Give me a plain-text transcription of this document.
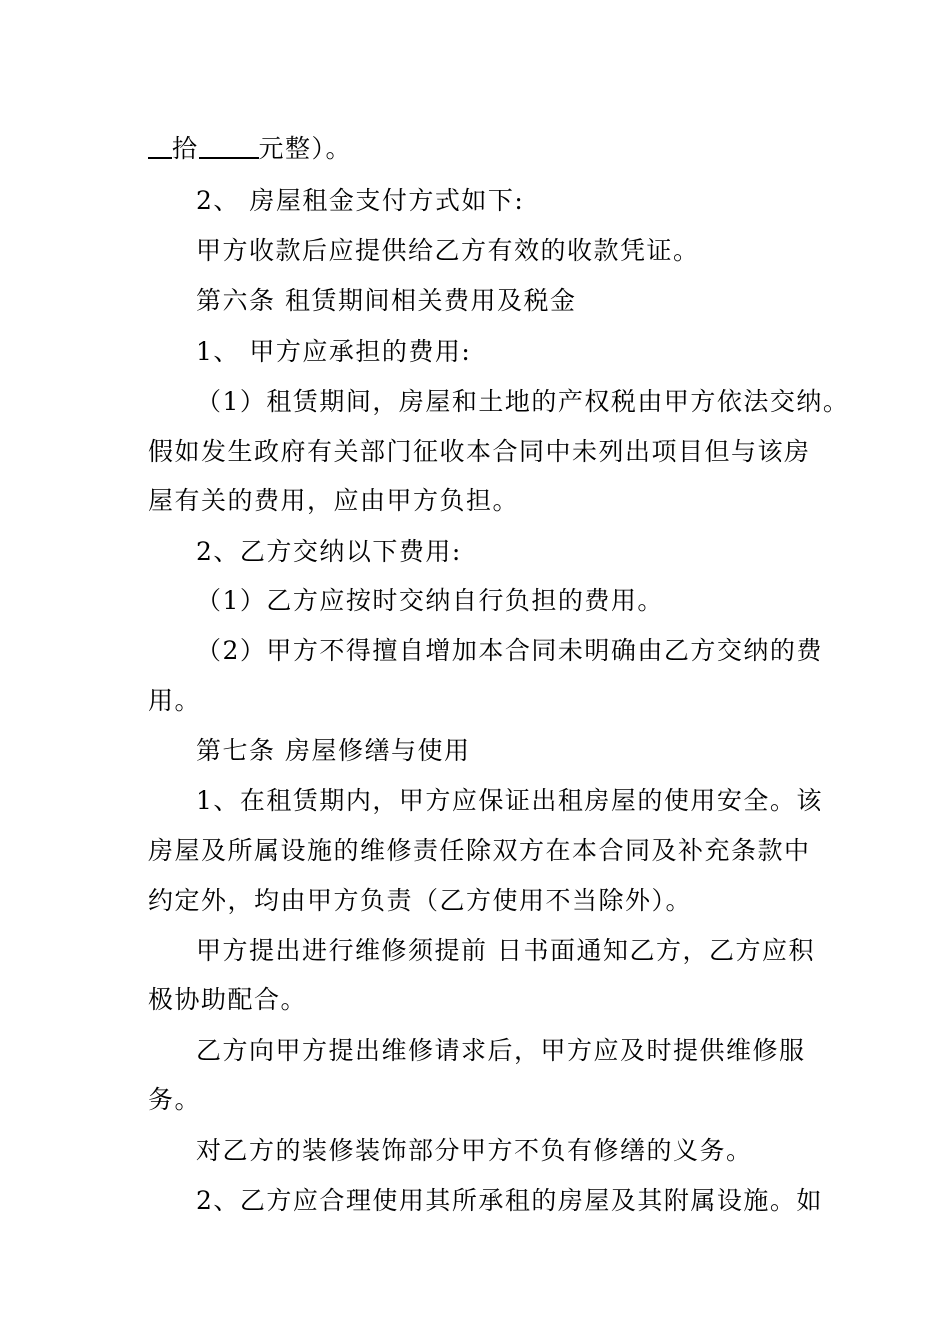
拾 元整）。
2、 房屋租金支付方式如下:
甲方收款后应提供给乙方有效的收款凭证。
第六条 租赁期间相关费用及税金
1、 甲方应承担的费用:
（1）租赁期间，房屋和土地的产权税由甲方依法交纳。
假如发生政府有关部门征收本合同中未列出项目但与该房
屋有关的费用，应由甲方负担。
2、乙方交纳以下费用:
（1）乙方应按时交纳自行负担的费用。
（2）甲方不得擅自增加本合同未明确由乙方交纳的费
用。
第七条 房屋修缮与使用
1、在租赁期内，甲方应保证出租房屋的使用安全。该
房屋及所属设施的维修责任除双方在本合同及补充条款中
约定外，均由甲方负责（乙方使用不当除外）。
甲方提出进行维修须提前 日书面通知乙方，乙方应积
极协助配合。
乙方向甲方提出维修请求后，甲方应及时提供维修服
务。
对乙方的装修装饰部分甲方不负有修缮的义务。
2、乙方应合理使用其所承租的房屋及其附属设施。如
